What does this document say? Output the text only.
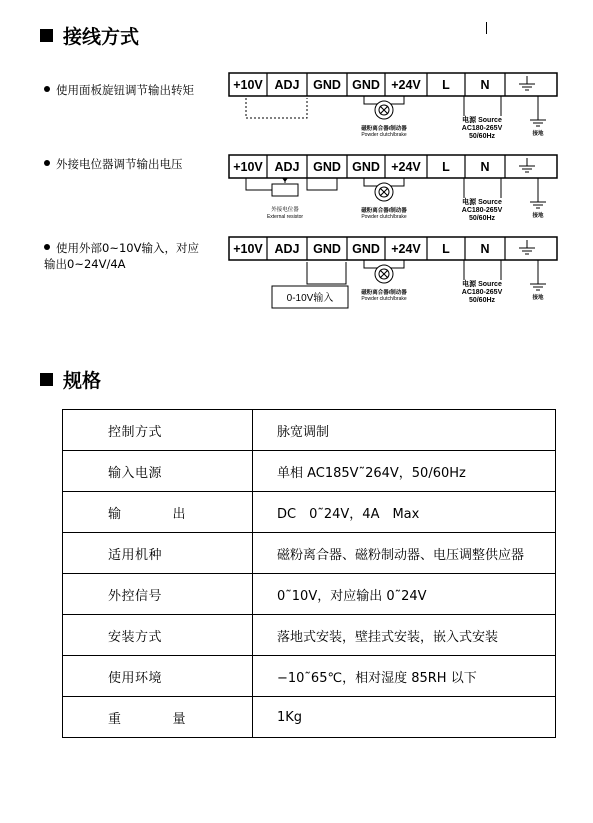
接线方式
使用面板旋钮调节输出转矩	+10V ADJ GND GND +24V L N
磁粉离合器/制动器
Powder clutch/brake
电源 Source
AC180-265V
50/60Hz	接地
外接电位器调节输出电压	+10V ADJ GND GND +24V L N
外接电位器
External resistor
磁粉离合器/制动器
Powder clutch/brake
电源 Source
AC180-265V
50/60Hz	接地
使用外部0~10V输入，对应
输出0~24V/4A
+10V ADJ GND GND +24V L N
0-10V输入	磁粉离合器/制动器
Powder clutch/brake
电源 Source
AC180-265V
50/60Hz	接地
规格
控制方式	脉宽调制
输入电源	单相 AC185V˜264V，50/60Hz

输 出	DC　0˜24V，4A　Max
适用机种	磁粉离合器、磁粉制动器、电压调整供应器
外控信号	0˜10V，对应输出 0˜24V
安装方式	落地式安装，壁挂式安装，嵌入式安装
使用环境	−10˜65℃，相对湿度 85RH 以下

重 量	1Kg
